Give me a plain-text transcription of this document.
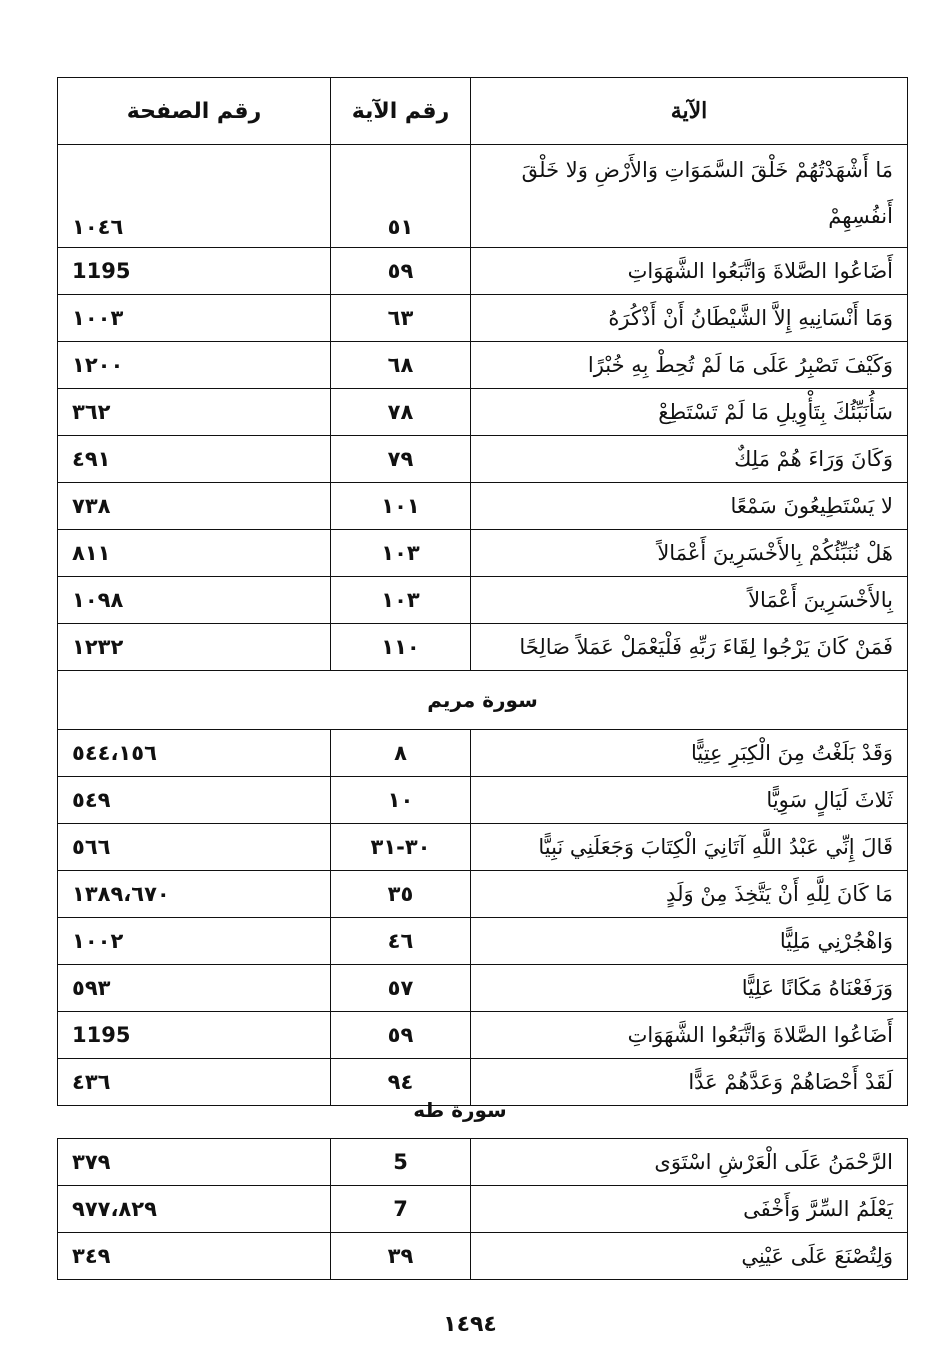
الآية	رقم الآية	رقم الصفحة
مَا أَشْهَدْتُهُمْ خَلْقَ السَّمَوَاتِ وَالأَرْضِ وَلا خَلْقَ أَنفُسِهِمْ	٥١	١٠٤٦
أَضَاعُوا الصَّلاةَ وَاتَّبَعُوا الشَّهَوَاتِ	٥٩	1195
وَمَا أَنْسَانِيهِ إِلاَّ الشَّيْطَانُ أَنْ أَذْكُرَهُ	٦٣	١٠٠٣
وَكَيْفَ تَصْبِرُ عَلَى مَا لَمْ تُحِطْ بِهِ خُبْرًا	٦٨	١٢٠٠
سَأُنَبِّئُكَ بِتَأْوِيلِ مَا لَمْ تَسْتَطِعْ	٧٨	٣٦٢
وَكَانَ وَرَاءَ هُمْ مَلِكٌ	٧٩	٤٩١
لا يَسْتَطِيعُونَ سَمْعًا	١٠١	٧٣٨
هَلْ نُنَبِّئُكُمْ بِالأَخْسَرِينَ أَعْمَالاً	١٠٣	٨١١
بِالأَخْسَرِينَ أَعْمَالاً	١٠٣	١٠٩٨
فَمَنْ كَانَ يَرْجُوا لِقَاءَ رَبِّهِ فَلْيَعْمَلْ عَمَلاً صَالِحًا	١١٠	١٢٣٢
سورة مريم		
وَقَدْ بَلَغْتُ مِنَ الْكِبَرِ عِتِيًّا	٨	٥٤٤،١٥٦
ثَلاثَ لَيَالٍ سَوِيًّا	١٠	٥٤٩
قَالَ إِنِّي عَبْدُ اللَّهِ آتَانِيَ الْكِتَابَ وَجَعَلَنِي نَبِيًّا	٣٠-٣١	٥٦٦
مَا كَانَ لِلَّهِ أَنْ يَتَّخِذَ مِنْ وَلَدٍ	٣٥	١٣٨٩،٦٧٠
وَاهْجُرْنِي مَلِيًّا	٤٦	١٠٠٢
وَرَفَعْنَاهُ مَكَانًا عَلِيًّا	٥٧	٥٩٣
أَضَاعُوا الصَّلاةَ وَاتَّبَعُوا الشَّهَوَاتِ	٥٩	1195
لَقَدْ أَحْصَاهُمْ وَعَدَّهُمْ عَدًّا	٩٤	٤٣٦
سورة طه
الرَّحْمَنُ عَلَى الْعَرْشِ اسْتَوَى	5	٣٧٩
يَعْلَمُ السِّرَّ وَأَخْفَى	7	٩٧٧،٨٢٩
وَلِتُصْنَعَ عَلَى عَيْنِي	٣٩	٣٤٩
١٤٩٤
